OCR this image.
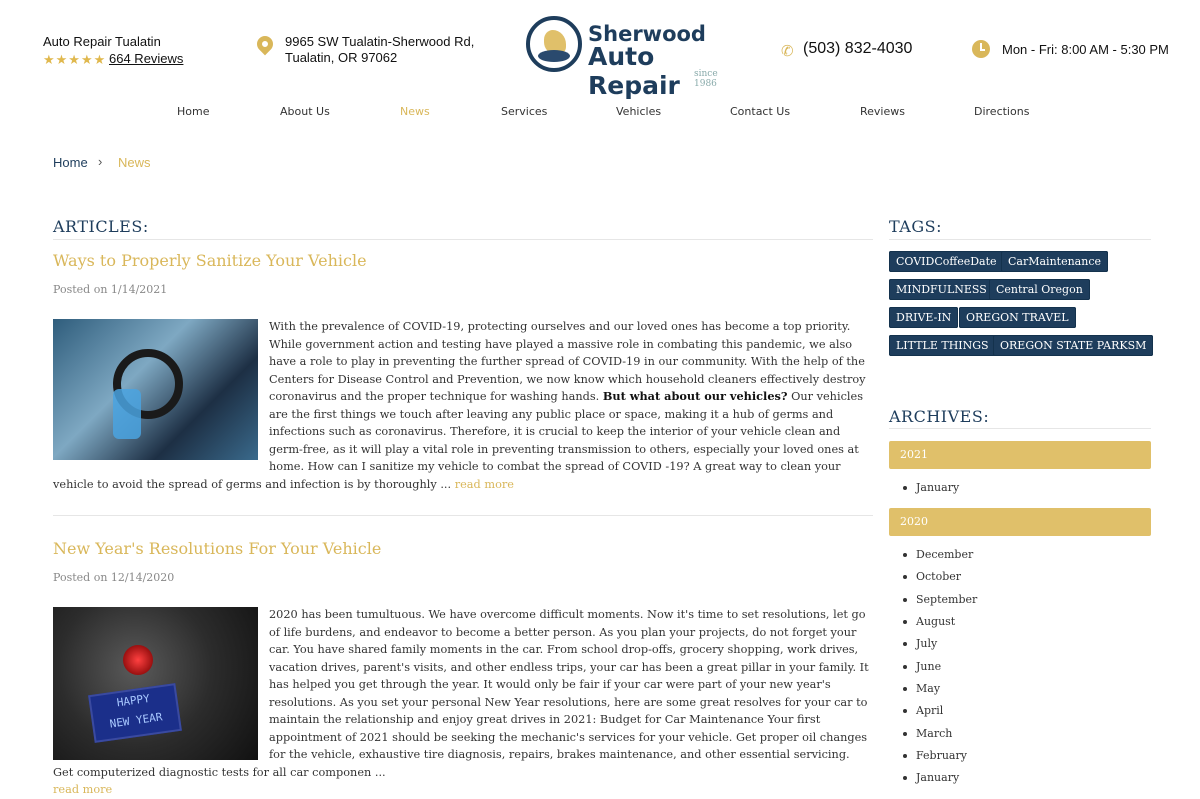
Auto Repair Tualatin
★★★★★ 664 Reviews
9965 SW Tualatin-Sherwood Rd,
Tualatin, OR 97062
Sherwood
Auto Repair	since 1986
✆ (503) 832-4030	Mon - Fri: 8:00 AM - 5:30 PM
Home	About Us	News	Services	Vehicles	Contact Us	Reviews	Directions
Home › News
ARTICLES:
Ways to Properly Sanitize Your Vehicle
Posted on 1/14/2021
With the prevalence of COVID-19, protecting ourselves and our loved ones has become a top priority. While government action and testing have played a massive role in combating this pandemic, we also have a role to play in preventing the further spread of COVID-19 in our community. With the help of the Centers for Disease Control and Prevention, we now know which household cleaners effectively destroy coronavirus and the proper technique for washing hands. But what about our vehicles? Our vehicles are the first things we touch after leaving any public place or space, making it a hub of germs and infections such as coronavirus. Therefore, it is crucial to keep the interior of your vehicle clean and germ-free, as it will play a vital role in preventing transmission to others, especially your loved ones at home. How can I sanitize my vehicle to combat the spread of COVID -19? A great way to clean your vehicle to avoid the spread of germs and infection is by thoroughly ... read more
New Year's Resolutions For Your Vehicle
Posted on 12/14/2020
HAPPY
NEW YEAR
2020 has been tumultuous. We have overcome difficult moments. Now it's time to set resolutions, let go of life burdens, and endeavor to become a better person. As you plan your projects, do not forget your car. You have shared family moments in the car. From school drop-offs, grocery shopping, work drives, vacation drives, parent's visits, and other endless trips, your car has been a great pillar in your family. It has helped you get through the year. It would only be fair if your car were part of your new year's resolutions. As you set your personal New Year resolutions, here are some great resolves for your car to maintain the relationship and enjoy great drives in 2021: Budget for Car Maintenance Your first appointment of 2021 should be seeking the mechanic's services for your vehicle. Get proper oil changes for the vehicle, exhaustive tire diagnosis, repairs, brakes maintenance, and other essential servicing. Get computerized diagnostic tests for all car componen ...
read more
TAGS:
COVIDCoffeeDate	CarMaintenance
MINDFULNESS Central Oregon
DRIVE-IN	OREGON TRAVEL
LITTLE THINGS	OREGON STATE PARKSM
ARCHIVES:
2021
January
2020
December
October
September
August
July
June
May
April
March
February
January
